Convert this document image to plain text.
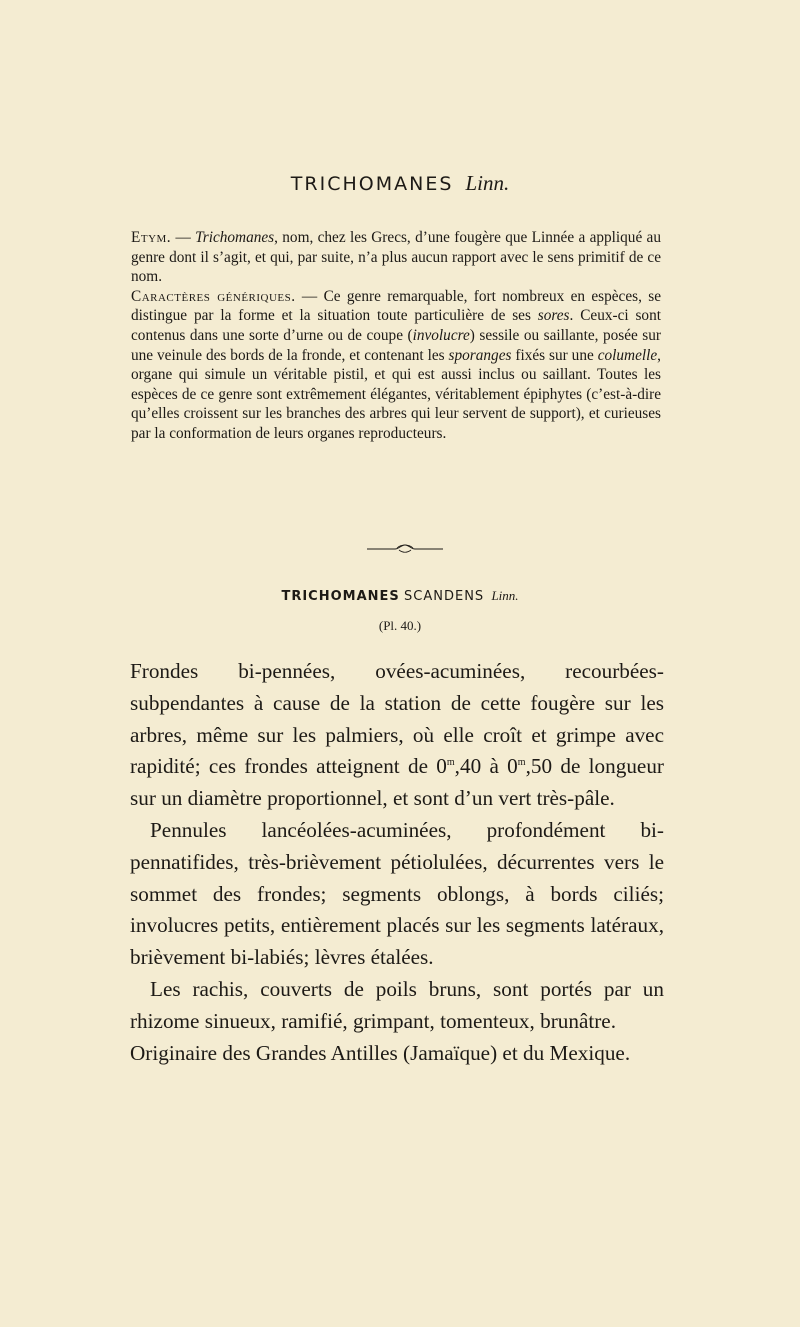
TRICHOMANES Linn.

Etym. — Trichomanes, nom, chez les Grecs, d’une fougère que Linnée a appliqué au genre dont il s’agit, et qui, par suite, n’a plus aucun rapport avec le sens primitif de ce nom.

Caractères génériques. — Ce genre remarquable, fort nombreux en espèces, se distingue par la forme et la situation toute particulière de ses sores. Ceux-ci sont contenus dans une sorte d’urne ou de coupe (involucre) sessile ou saillante, posée sur une veinule des bords de la fronde, et contenant les sporanges fixés sur une columelle, organe qui simule un véritable pistil, et qui est aussi inclus ou saillant. Toutes les espèces de ce genre sont extrêmement élégantes, véritablement épiphytes (c’est-à-dire qu’elles croissent sur les branches des arbres qui leur servent de support), et curieuses par la conformation de leurs organes reproducteurs.

TRICHOMANES SCANDENS Linn.
(Pl. 40.)

Frondes bi-pennées, ovées-acuminées, recourbées-subpendantes à cause de la station de cette fougère sur les arbres, même sur les palmiers, où elle croît et grimpe avec rapidité; ces frondes atteignent de 0$^m$,40 à 0$^m$,50 de longueur sur un diamètre proportionnel, et sont d’un vert très-pâle.

Pennules lancéolées-acuminées, profondément bi-pennatifides, très-brièvement pétiolulées, décurrentes vers le sommet des frondes; segments oblongs, à bords ciliés; involucres petits, entièrement placés sur les segments latéraux, brièvement bi-labiés; lèvres étalées.

Les rachis, couverts de poils bruns, sont portés par un rhizome sinueux, ramifié, grimpant, tomenteux, brunâtre.

Originaire des Grandes Antilles (Jamaïque) et du Mexique.
